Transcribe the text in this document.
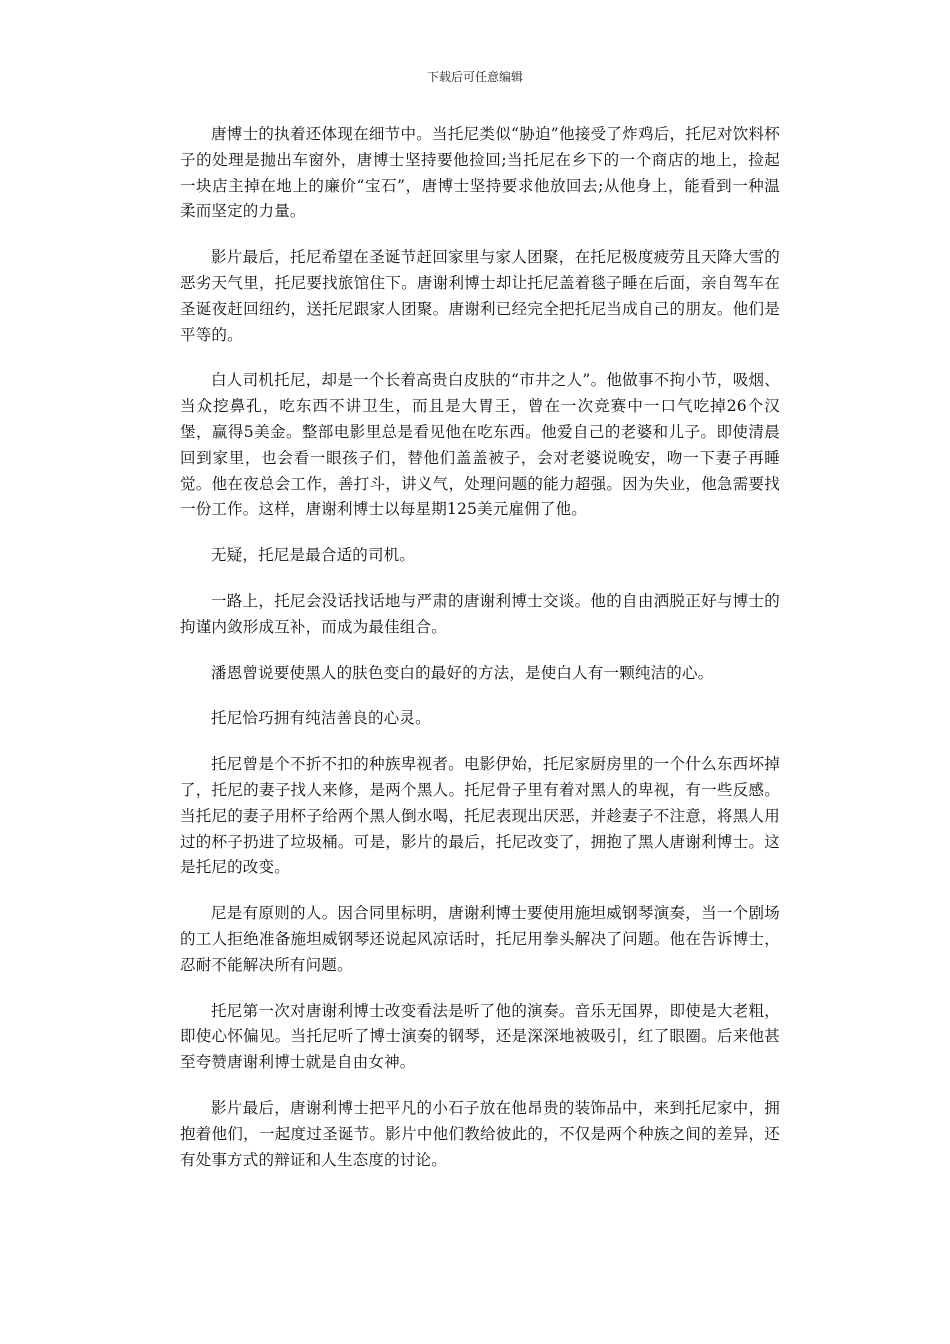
下载后可任意编辑

唐博士的执着还体现在细节中。当托尼类似“胁迫”他接受了炸鸡后，托尼对饮料杯子的处理是抛出车窗外，唐博士坚持要他捡回;当托尼在乡下的一个商店的地上，捡起一块店主掉在地上的廉价“宝石”，唐博士坚持要求他放回去;从他身上，能看到一种温柔而坚定的力量。

影片最后，托尼希望在圣诞节赶回家里与家人团聚，在托尼极度疲劳且天降大雪的恶劣天气里，托尼要找旅馆住下。唐谢利博士却让托尼盖着毯子睡在后面，亲自驾车在圣诞夜赶回纽约，送托尼跟家人团聚。唐谢利已经完全把托尼当成自己的朋友。他们是平等的。

白人司机托尼，却是一个长着高贵白皮肤的“市井之人”。他做事不拘小节，吸烟、当众挖鼻孔，吃东西不讲卫生，而且是大胃王，曾在一次竞赛中一口气吃掉26个汉堡，赢得5美金。整部电影里总是看见他在吃东西。他爱自己的老婆和儿子。即使清晨回到家里，也会看一眼孩子们，替他们盖盖被子，会对老婆说晚安，吻一下妻子再睡觉。他在夜总会工作，善打斗，讲义气，处理问题的能力超强。因为失业，他急需要找一份工作。这样，唐谢利博士以每星期125美元雇佣了他。

无疑，托尼是最合适的司机。

一路上，托尼会没话找话地与严肃的唐谢利博士交谈。他的自由洒脱正好与博士的拘谨内敛形成互补，而成为最佳组合。

潘恩曾说要使黑人的肤色变白的最好的方法，是使白人有一颗纯洁的心。

托尼恰巧拥有纯洁善良的心灵。

托尼曾是个不折不扣的种族卑视者。电影伊始，托尼家厨房里的一个什么东西坏掉了，托尼的妻子找人来修，是两个黑人。托尼骨子里有着对黑人的卑视，有一些反感。当托尼的妻子用杯子给两个黑人倒水喝，托尼表现出厌恶，并趁妻子不注意，将黑人用过的杯子扔进了垃圾桶。可是，影片的最后，托尼改变了，拥抱了黑人唐谢利博士。这是托尼的改变。

尼是有原则的人。因合同里标明，唐谢利博士要使用施坦威钢琴演奏，当一个剧场的工人拒绝准备施坦威钢琴还说起风凉话时，托尼用拳头解决了问题。他在告诉博士，忍耐不能解决所有问题。

托尼第一次对唐谢利博士改变看法是听了他的演奏。音乐无国界，即使是大老粗，即使心怀偏见。当托尼听了博士演奏的钢琴，还是深深地被吸引，红了眼圈。后来他甚至夸赞唐谢利博士就是自由女神。

影片最后，唐谢利博士把平凡的小石子放在他昂贵的装饰品中，来到托尼家中，拥抱着他们，一起度过圣诞节。影片中他们教给彼此的，不仅是两个种族之间的差异，还有处事方式的辩证和人生态度的讨论。
